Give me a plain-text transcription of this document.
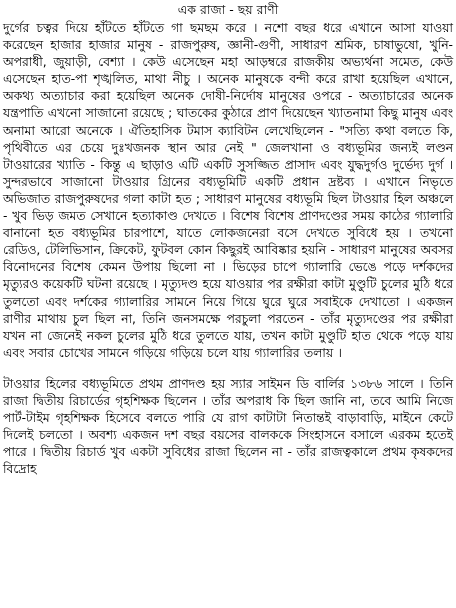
এক রাজা - ছয় রাণী

দুর্গের চত্বর দিয়ে হাঁটতে হাঁটতে গা ছমছম করে । নশো বছর ধরে এখানে আসা যাওয়া করেছেন হাজার হাজার মানুষ - রাজপুরুষ, জ্ঞানী-গুণী, সাধারণ শ্রমিক, চাষাভুষো, খুনি-অপরাধী, জুয়াড়ী, বেশ্যা । কেউ এসেছেন মহা আড়ম্বরে রাজকীয় অভ্যর্থনা সমেত, কেউ এসেছেন হাত-পা শৃঙ্খলিত, মাথা নীচু । অনেক মানুষকে বন্দী করে রাখা হয়েছিল এখানে, অকথ্য অত্যাচার করা হয়েছিল অনেক দোষী-নির্দোষ মানুষের ওপরে - অত্যাচারের অনেক যন্ত্রপাতি এখনো সাজানো রয়েছে ; ঘাতকের কুঠারে প্রাণ দিয়েছেন খ্যাতনামা কিছু মানুষ এবং অনামা আরো অনেকে । ঐতিহাসিক টমাস ক্যাবিটন লেখেছিলেন - "সত্যি কথা বলতে কি, পৃথিবীতে এর চেয়ে দুঃখজনক স্থান আর নেই " জেলখানা ও বধ্যভূমির জন্যই লণ্ডন টাওয়ারের খ্যাতি - কিন্তু এ ছাড়াও এটি একটি সুসজ্জিত প্রাসাদ এবং যুদ্ধদুর্গও দুর্ভেদ্য দুর্গ । সুন্দরভাবে সাজানো টাওয়ার গ্রিনের বধ্যভূমিটি একটি প্রধান দ্রষ্টব্য । এখানে নিভৃতে অভিজাত রাজপুরুষদের গলা কাটা হত ; সাধারণ মানুষের বধ্যভূমি ছিল টাওয়ার হিল অঞ্চলে - খুব ভিড় জমত সেখানে হত্যাকাণ্ড দেখতে । বিশেষ বিশেষ প্রাণদণ্ডের সময় কাঠের গ্যালারি বানানো হত বধ্যভূমির চারপাশে, যাতে লোকজনেরা বসে দেখতে সুবিধে হয় । তখনো রেডিও, টেলিভিসান, ক্রিকেট, ফুটবল কোন কিছুরই আবিষ্কার হয়নি - সাধারণ মানুষের অবসর বিনোদনের বিশেষ কেমন উপায় ছিলো না । ভিড়ের চাপে গ্যালারি ভেঙে পড়ে দর্শকদের মৃত্যুরও কয়েকটি ঘটনা রয়েছে । মৃত্যুদণ্ড হয়ে যাওয়ার পর রক্ষীরা কাটা মুণ্ডুটি চুলের মুঠি ধরে তুলতো এবং দর্শকের গ্যালারির সামনে নিয়ে গিয়ে ঘুরে ঘুরে সবাইকে দেখাতো । একজন রাণীর মাথায় চুল ছিল না, তিনি জনসমক্ষে পরচুলা পরতেন - তাঁর মৃত্যুদণ্ডের পর রক্ষীরা যখন না জেনেই নকল চুলের মুঠি ধরে তুলতে যায়, তখন কাটা মুণ্ডুটি হাত থেকে পড়ে যায় এবং সবার চোখের সামনে গড়িয়ে গড়িয়ে চলে যায় গ্যালারির তলায় ।

টাওয়ার হিলের বধ্যভূমিতে প্রথম প্রাণদণ্ড হয় স্যার সাইমন ডি বার্লির ১৩৮৬ সালে । তিনি রাজা দ্বিতীয় রিচার্ডের গৃহশিক্ষক ছিলেন । তাঁর অপরাধ কি ছিল জানি না, তবে আমি নিজে পার্ট-টাইম গৃহশিক্ষক হিসেবে বলতে পারি যে রাগ কাটাটা নিতান্তই বাড়াবাড়ি, মাইনে কেটে দিলেই চলতো । অবশ্য একজন দশ বছর বয়সের বালককে সিংহাসনে বসালে এরকম হতেই পারে । দ্বিতীয় রিচার্ড খুব একটা সুবিধের রাজা ছিলেন না - তাঁর রাজত্বকালে প্রথম কৃষকদের বিদ্রোহ
